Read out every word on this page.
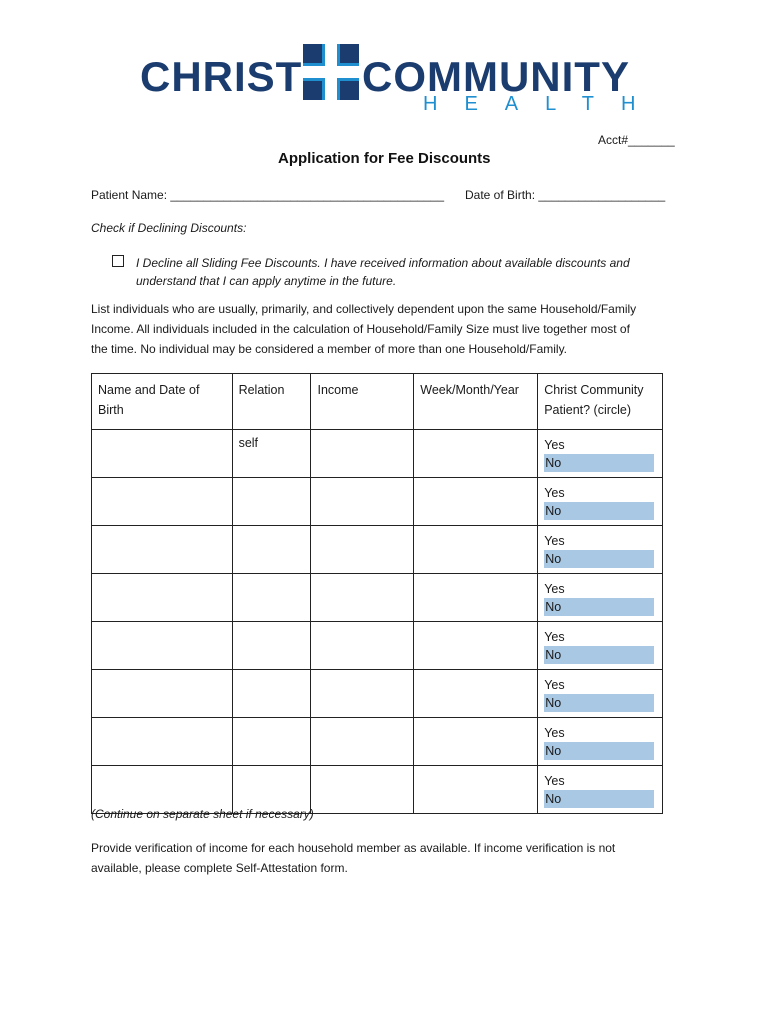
CHRIST COMMUNITY
HEALTH
Acct#_______
Application for Fee Discounts
Patient Name: _________________________________________ Date of Birth: ___________________
Check if Declining Discounts:
I Decline all Sliding Fee Discounts. I have received information about available discounts and
understand that I can apply anytime in the future.
List individuals who are usually, primarily, and collectively dependent upon the same Household/Family
Income. All individuals included in the calculation of Household/Family Size must live together most of
the time. No individual may be considered a member of more than one Household/Family.
Name and Date of Birth	Relation	Income	Week/Month/Year	Christ Community Patient? (circle)
	self			Yes
No

				Yes
No

				Yes
No

				Yes
No

				Yes
No

				Yes
No

				Yes
No

				Yes
No
(Continue on separate sheet if necessary)
Provide verification of income for each household member as available. If income verification is not
available, please complete Self-Attestation form.
